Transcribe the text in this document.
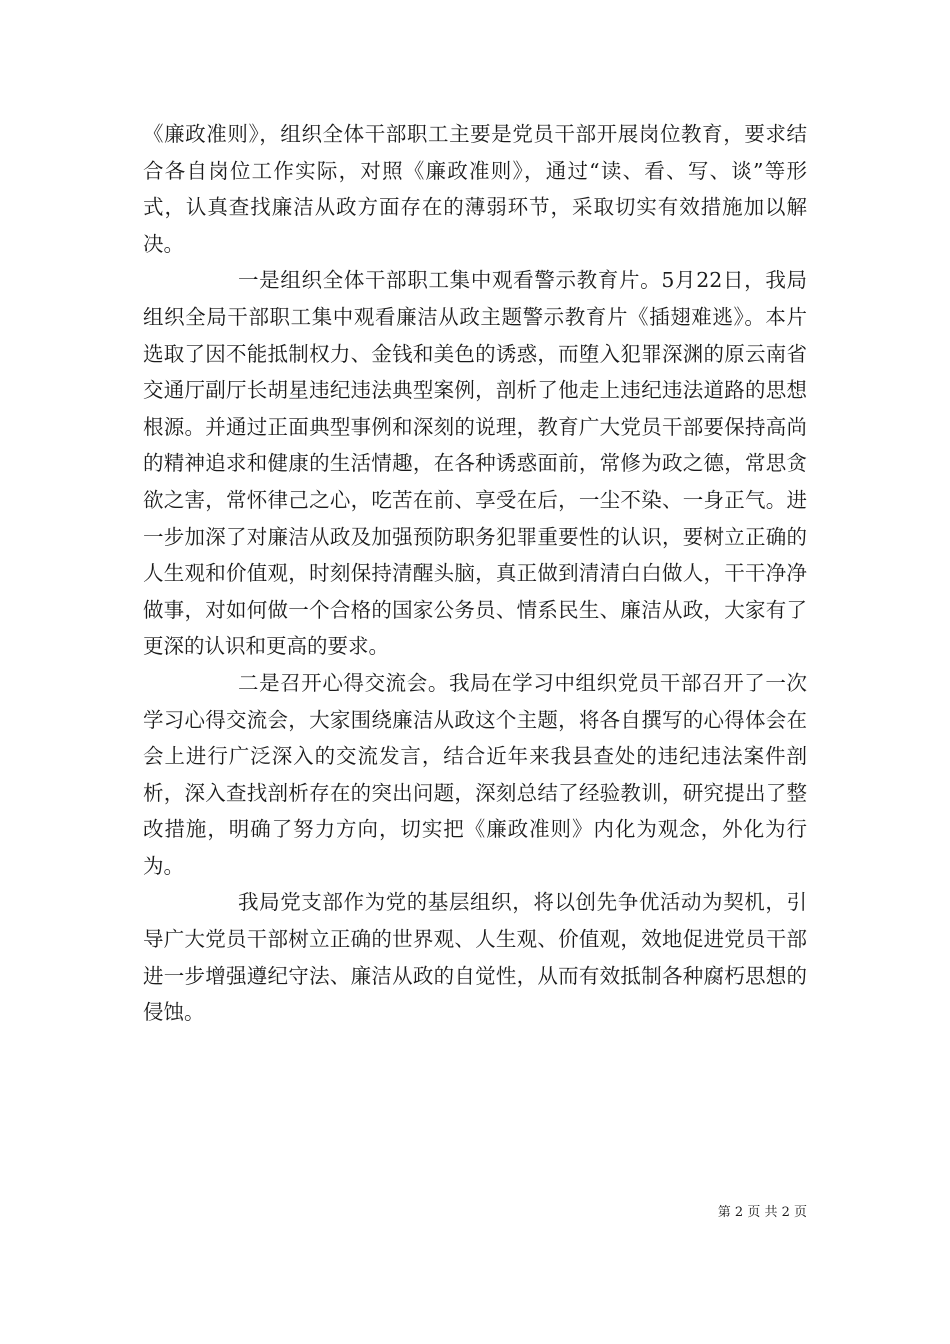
《廉政准则》，组织全体干部职工主要是党员干部开展岗位教育，要求结合各自岗位工作实际，对照《廉政准则》，通过“读、看、写、谈”等形式，认真查找廉洁从政方面存在的薄弱环节，采取切实有效措施加以解决。

一是组织全体干部职工集中观看警示教育片。5月22日，我局组织全局干部职工集中观看廉洁从政主题警示教育片《插翅难逃》。本片选取了因不能抵制权力、金钱和美色的诱惑，而堕入犯罪深渊的原云南省交通厅副厅长胡星违纪违法典型案例，剖析了他走上违纪违法道路的思想根源。并通过正面典型事例和深刻的说理，教育广大党员干部要保持高尚的精神追求和健康的生活情趣，在各种诱惑面前，常修为政之德，常思贪欲之害，常怀律己之心，吃苦在前、享受在后，一尘不染、一身正气。进一步加深了对廉洁从政及加强预防职务犯罪重要性的认识，要树立正确的人生观和价值观，时刻保持清醒头脑，真正做到清清白白做人，干干净净做事，对如何做一个合格的国家公务员、情系民生、廉洁从政，大家有了更深的认识和更高的要求。

二是召开心得交流会。我局在学习中组织党员干部召开了一次学习心得交流会，大家围绕廉洁从政这个主题，将各自撰写的心得体会在会上进行广泛深入的交流发言，结合近年来我县查处的违纪违法案件剖析，深入查找剖析存在的突出问题，深刻总结了经验教训，研究提出了整改措施，明确了努力方向，切实把《廉政准则》内化为观念，外化为行为。

我局党支部作为党的基层组织，将以创先争优活动为契机，引导广大党员干部树立正确的世界观、人生观、价值观，效地促进党员干部进一步增强遵纪守法、廉洁从政的自觉性，从而有效抵制各种腐朽思想的侵蚀。

第 2 页 共 2 页
